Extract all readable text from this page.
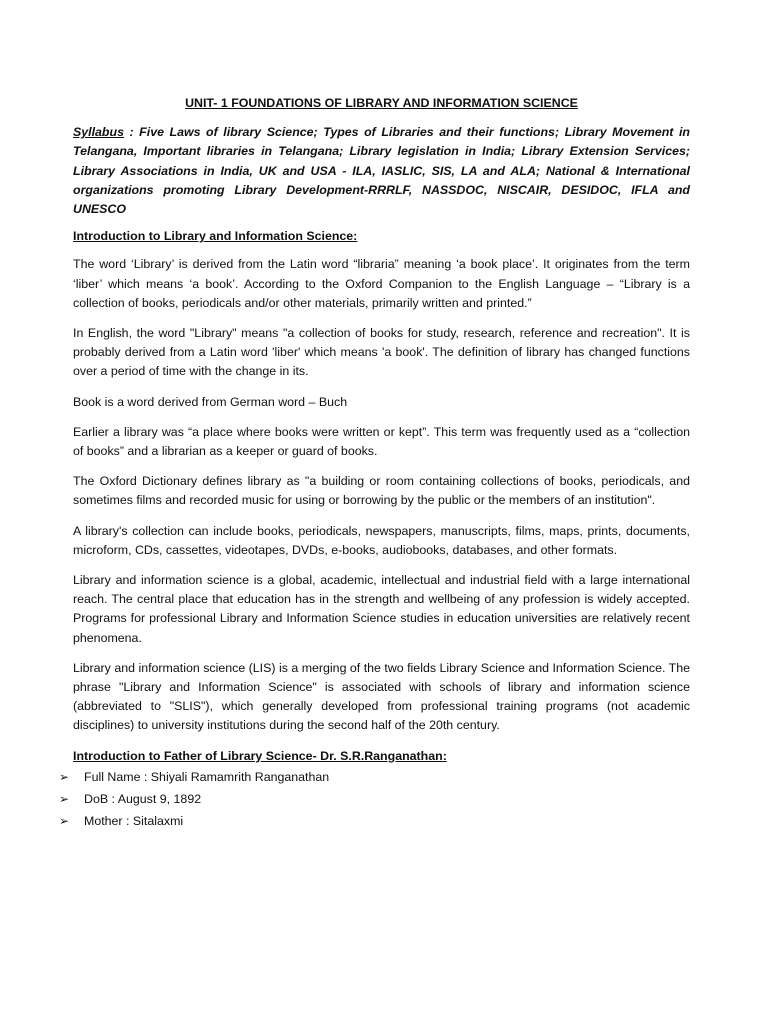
UNIT- 1 FOUNDATIONS OF LIBRARY AND INFORMATION SCIENCE
Syllabus : Five Laws of library Science; Types of Libraries and their functions; Library Movement in Telangana, Important libraries in Telangana; Library legislation in India; Library Extension Services; Library Associations in India, UK and USA - ILA, IASLIC, SIS, LA and ALA; National & International organizations promoting Library Development-RRRLF, NASSDOC, NISCAIR, DESIDOC, IFLA and UNESCO
Introduction to Library and Information Science:
The word ‘Library’ is derived from the Latin word “libraria” meaning ‘a book place’. It originates from the term ‘liber’ which means ‘a book’. According to the Oxford Companion to the English Language – “Library is a collection of books, periodicals and/or other materials, primarily written and printed.”
In English, the word "Library" means "a collection of books for study, research, reference and recreation". It is probably derived from a Latin word 'liber' which means 'a book'. The definition of library has changed functions over a period of time with the change in its.
Book is a word derived from German word – Buch
Earlier a library was “a place where books were written or kept”. This term was frequently used as a “collection of books” and a librarian as a keeper or guard of books.
The Oxford Dictionary defines library as "a building or room containing collections of books, periodicals, and sometimes films and recorded music for using or borrowing by the public or the members of an institution".
A library's collection can include books, periodicals, newspapers, manuscripts, films, maps, prints, documents, microform, CDs, cassettes, videotapes, DVDs, e-books, audiobooks, databases, and other formats.
Library and information science is a global, academic, intellectual and industrial field with a large international reach. The central place that education has in the strength and wellbeing of any profession is widely accepted. Programs for professional Library and Information Science studies in education universities are relatively recent phenomena.
Library and information science (LIS) is a merging of the two fields Library Science and Information Science. The phrase "Library and Information Science" is associated with schools of library and information science (abbreviated to "SLIS"), which generally developed from professional training programs (not academic disciplines) to university institutions during the second half of the 20th century.
Introduction to Father of Library Science- Dr. S.R.Ranganathan:
➢ Full Name : Shiyali Ramamrith Ranganathan
➢ DoB : August 9, 1892
➢ Mother : Sitalaxmi
